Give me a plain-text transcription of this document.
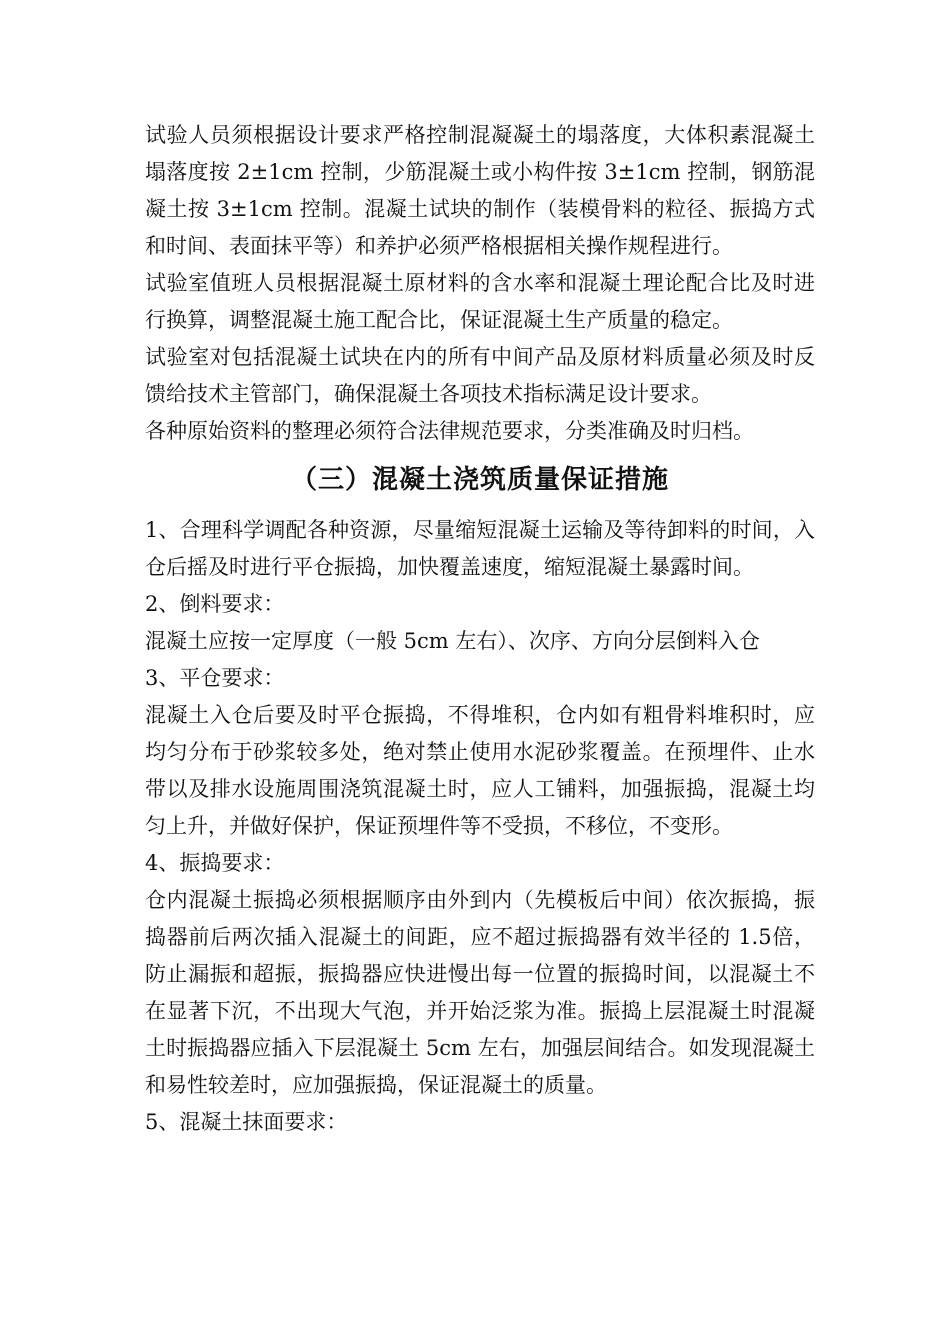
试验人员须根据设计要求严格控制混凝凝土的塌落度，大体积素混凝土塌落度按 2±1cm 控制，少筋混凝土或小构件按 3±1cm 控制，钢筋混凝土按 3±1cm 控制。混凝土试块的制作（装模骨料的粒径、振捣方式和时间、表面抹平等）和养护必须严格根据相关操作规程进行。

试验室值班人员根据混凝土原材料的含水率和混凝土理论配合比及时进行换算，调整混凝土施工配合比，保证混凝土生产质量的稳定。

试验室对包括混凝土试块在内的所有中间产品及原材料质量必须及时反馈给技术主管部门，确保混凝土各项技术指标满足设计要求。

各种原始资料的整理必须符合法律规范要求，分类准确及时归档。

（三）混凝土浇筑质量保证措施

1、合理科学调配各种资源，尽量缩短混凝土运输及等待卸料的时间，入仓后摇及时进行平仓振捣，加快覆盖速度，缩短混凝土暴露时间。

2、倒料要求：

混凝土应按一定厚度（一般 5cm 左右）、次序、方向分层倒料入仓

3、平仓要求：

混凝土入仓后要及时平仓振捣，不得堆积，仓内如有粗骨料堆积时，应均匀分布于砂浆较多处，绝对禁止使用水泥砂浆覆盖。在预埋件、止水带以及排水设施周围浇筑混凝土时，应人工铺料，加强振捣，混凝土均匀上升，并做好保护，保证预埋件等不受损，不移位，不变形。

4、振捣要求：

仓内混凝土振捣必须根据顺序由外到内（先模板后中间）依次振捣，振捣器前后两次插入混凝土的间距，应不超过振捣器有效半径的 1.5倍，防止漏振和超振，振捣器应快进慢出每一位置的振捣时间，以混凝土不在显著下沉，不出现大气泡，并开始泛浆为准。振捣上层混凝土时混凝土时振捣器应插入下层混凝土 5cm 左右，加强层间结合。如发现混凝土和易性较差时，应加强振捣，保证混凝土的质量。

5、混凝土抹面要求：
